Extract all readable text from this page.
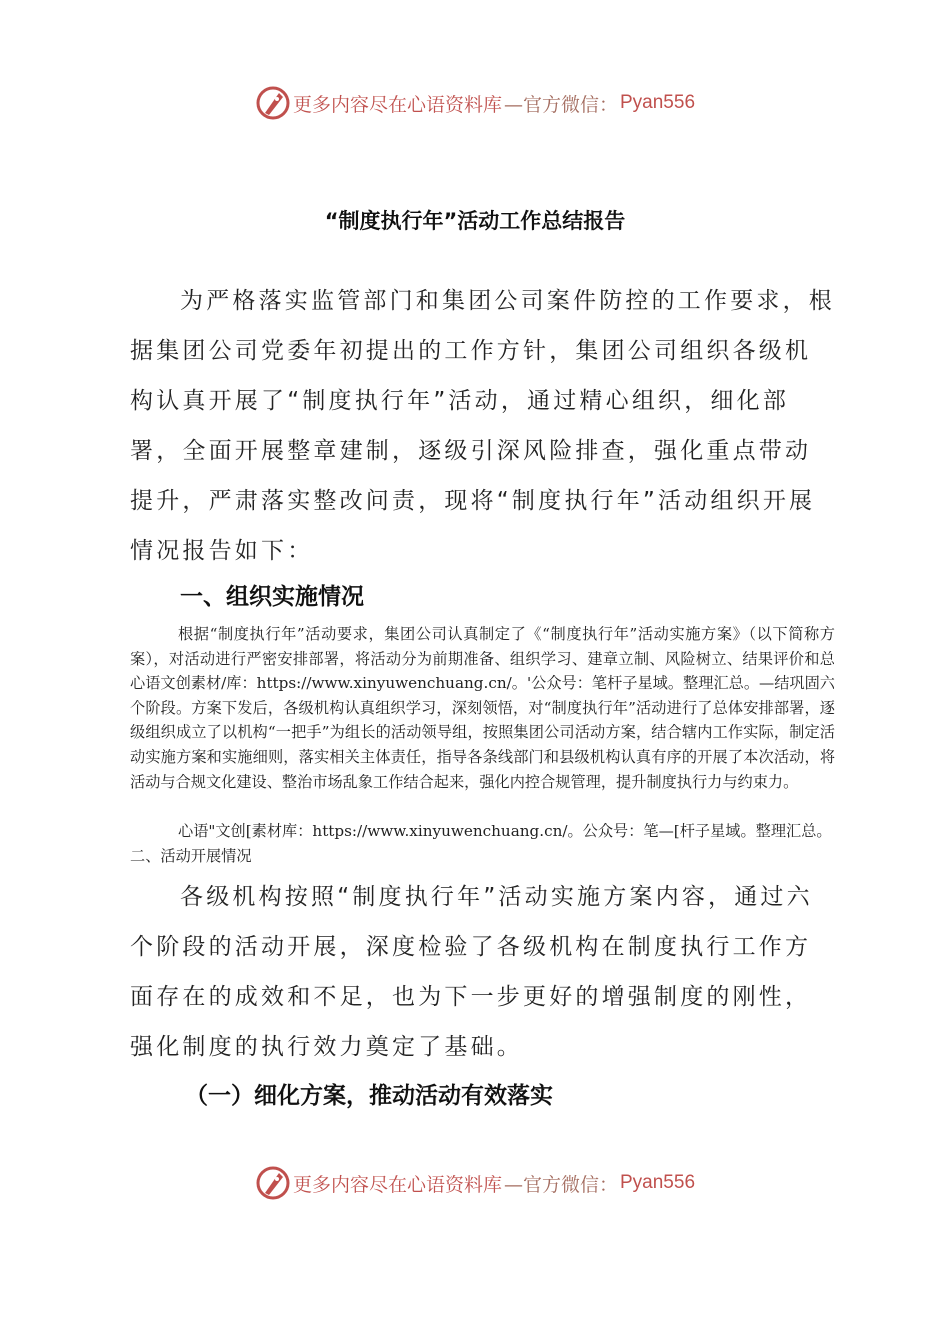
更多内容尽在心语资料库 —官方微信： Pyan556
“制度执行年”活动工作总结报告

为严格落实监管部门和集团公司案件防控的工作要求，根据集团公司党委年初提出的工作方针，集团公司组织各级机构认真开展了“制度执行年”活动，通过精心组织，细化部署，全面开展整章建制，逐级引深风险排查，强化重点带动提升，严肃落实整改问责，现将“制度执行年”活动组织开展情况报告如下：

一、组织实施情况

根据“制度执行年”活动要求，集团公司认真制定了《“制度执行年”活动实施方案》（以下简称方案），对活动进行严密安排部署，将活动分为前期准备、组织学习、建章立制、风险树立、结果评价和总心语文创素材/库：https://www.xinyuwenchuang.cn/。'公众号：笔杆子星域。整理汇总。—结巩固六个阶段。方案下发后，各级机构认真组织学习，深刻领悟，对“制度执行年”活动进行了总体安排部署，逐级组织成立了以机构“一把手”为组长的活动领导组，按照集团公司活动方案，结合辖内工作实际，制定活动实施方案和实施细则，落实相关主体责任，指导各条线部门和县级机构认真有序的开展了本次活动，将活动与合规文化建设、整治市场乱象工作结合起来，强化内控合规管理，提升制度执行力与约束力。

心语"文创[素材库：https://www.xinyuwenchuang.cn/。公众号：笔—[杆子星域。整理汇总。

二、活动开展情况

各级机构按照“制度执行年”活动实施方案内容，通过六个阶段的活动开展，深度检验了各级机构在制度执行工作方面存在的成效和不足，也为下一步更好的增强制度的刚性，强化制度的执行效力奠定了基础。

（一）细化方案，推动活动有效落实
更多内容尽在心语资料库 —官方微信： Pyan556
